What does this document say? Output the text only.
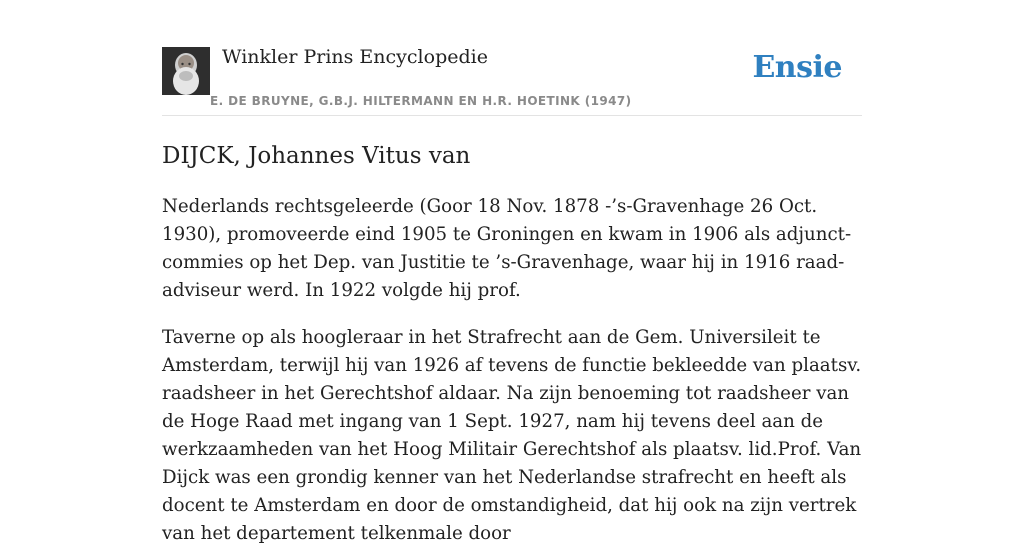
Winkler Prins Encyclopedie
E. DE BRUYNE, G.B.J. HILTERMANN EN H.R. HOETINK (1947)
Ensie
DIJCK, Johannes Vitus van

Nederlands rechtsgeleerde (Goor 18 Nov. 1878 -’s-Gravenhage 26 Oct. 1930), promoveerde eind 1905 te Groningen en kwam in 1906 als adjunct-commies op het Dep. van Justitie te ’s-Gravenhage, waar hij in 1916 raad-adviseur werd. In 1922 volgde hij prof.

Taverne op als hoogleraar in het Strafrecht aan de Gem. Universileit te Amsterdam, terwijl hij van 1926 af tevens de functie bekleedde van plaatsv. raadsheer in het Gerechtshof aldaar. Na zijn benoeming tot raadsheer van de Hoge Raad met ingang van 1 Sept. 1927, nam hij tevens deel aan de werkzaamheden van het Hoog Militair Gerechtshof als plaatsv. lid.Prof. Van Dijck was een grondig kenner van het Nederlandse strafrecht en heeft als docent te Amsterdam en door de omstandigheid, dat hij ook na zijn vertrek van het departement telkenmale door
